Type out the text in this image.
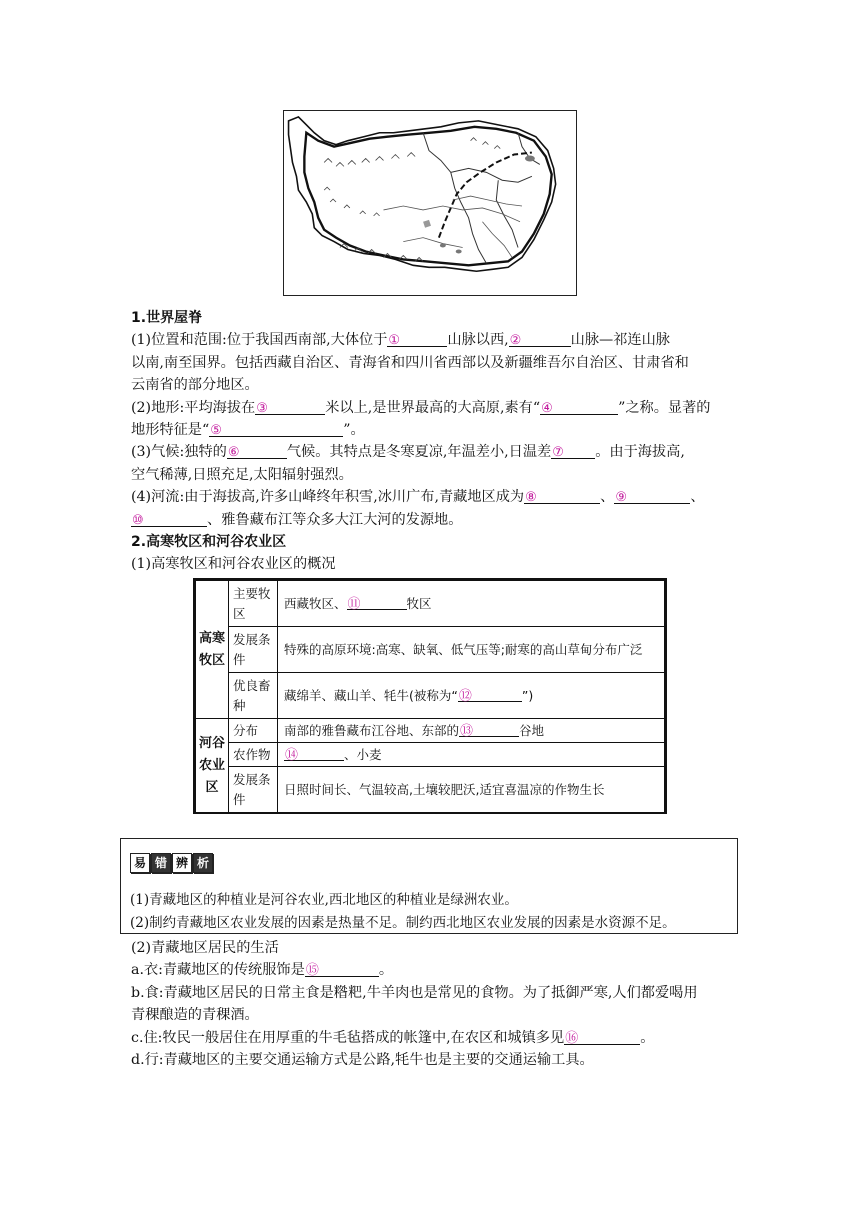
1.世界屋脊

(1)位置和范围:位于我国西南部,大体位于①	山脉以西,②	山脉—祁连山脉

以南,南至国界。包括西藏自治区、青海省和四川省西部以及新疆维吾尔自治区、甘肃省和

云南省的部分地区。

(2)地形:平均海拔在③	米以上,是世界最高的大高原,素有“④	”之称。显著的

地形特征是“⑤	”。

(3)气候:独特的⑥	气候。其特点是冬寒夏凉,年温差小,日温差⑦ 。由于海拔高,

空气稀薄,日照充足,太阳辐射强烈。

(4)河流:由于海拔高,许多山峰终年积雪,冰川广布,青藏地区成为⑧	、⑨	、

⑩	、雅鲁藏布江等众多大江大河的发源地。

2.高寒牧区和河谷农业区

(1)高寒牧区和河谷农业区的概况

高寒牧区	主要牧区	西藏牧区、⑪ 牧区
	发展条件	特殊的高原环境:高寒、缺氧、低气压等;耐寒的高山草甸分布广泛
	优良畜种	藏绵羊、藏山羊、牦牛(被称为“⑫ ”)
河谷农业区	分布	南部的雅鲁藏布江谷地、东部的⑬ 谷地
	农作物	⑭ 、小麦
	发展条件	日照时间长、气温较高,土壤较肥沃,适宜喜温凉的作物生长
易 错 辨 析
(1)青藏地区的种植业是河谷农业,西北地区的种植业是绿洲农业。
(2)制约青藏地区农业发展的因素是热量不足。制约西北地区农业发展的因素是水资源不足。

(2)青藏地区居民的生活

a.衣:青藏地区的传统服饰是⑮	。

b.食:青藏地区居民的日常主食是糌粑,牛羊肉也是常见的食物。为了抵御严寒,人们都爱喝用

青稞酿造的青稞酒。

c.住:牧民一般居住在用厚重的牛毛毡搭成的帐篷中,在农区和城镇多见⑯	。

d.行:青藏地区的主要交通运输方式是公路,牦牛也是主要的交通运输工具。
